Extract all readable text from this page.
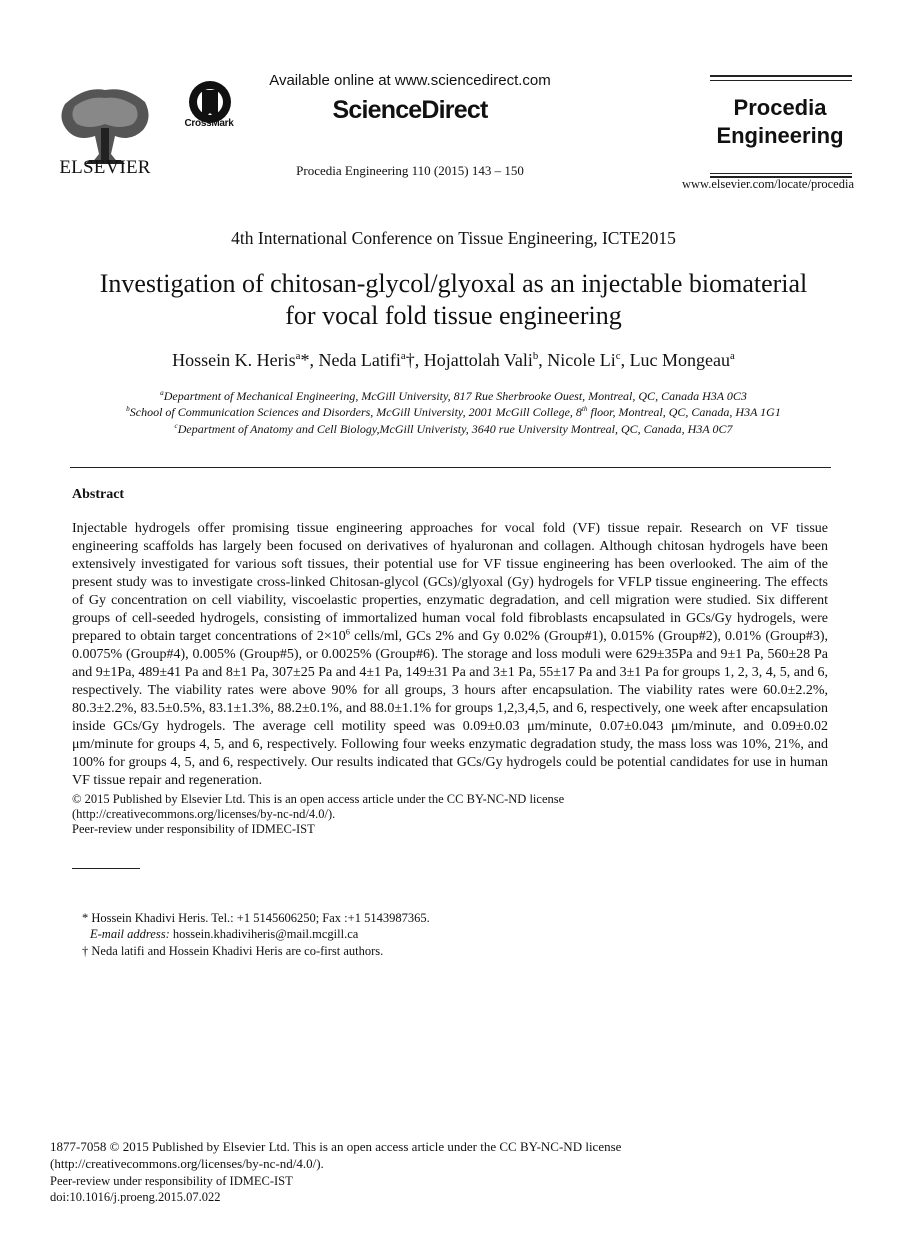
ELSEVIER
CrossMark
Available online at www.sciencedirect.com
ScienceDirect
Procedia Engineering 110 (2015) 143 – 150
Procedia
Engineering
www.elsevier.com/locate/procedia
4th International Conference on Tissue Engineering, ICTE2015
Investigation of chitosan-glycol/glyoxal as an injectable biomaterial
for vocal fold tissue engineering
Hossein K. Heris$^a$*, Neda Latifi$^a$†, Hojattolah Vali$^b$, Nicole Li$^c$, Luc Mongeau$^a$
$^a$Department of Mechanical Engineering, McGill University, 817 Rue Sherbrooke Ouest, Montreal, QC, Canada H3A 0C3
$^b$School of Communication Sciences and Disorders, McGill University, 2001 McGill College, 8th floor, Montreal, QC, Canada, H3A 1G1
$^c$Department of Anatomy and Cell Biology,McGill Univeristy, 3640 rue University Montreal, QC, Canada, H3A 0C7
Abstract
Injectable hydrogels offer promising tissue engineering approaches for vocal fold (VF) tissue repair. Research on VF tissue engineering scaffolds has largely been focused on derivatives of hyaluronan and collagen. Although chitosan hydrogels have been extensively investigated for various soft tissues, their potential use for VF tissue engineering has been overlooked. The aim of the present study was to investigate cross-linked Chitosan-glycol (GCs)/glyoxal (Gy) hydrogels for VFLP tissue engineering. The effects of Gy concentration on cell viability, viscoelastic properties, enzymatic degradation, and cell migration were studied. Six different groups of cell-seeded hydrogels, consisting of immortalized human vocal fold fibroblasts encapsulated in GCs/Gy hydrogels, were prepared to obtain target concentrations of $2\times 10^6$ cells/ml, GCs 2% and Gy 0.02% (Group#1), 0.015% (Group#2), 0.01% (Group#3), 0.0075% (Group#4), 0.005% (Group#5), or 0.0025% (Group#6). The storage and loss moduli were 629±35Pa and 9±1 Pa, 560±28 Pa and 9±1Pa, 489±41 Pa and 8±1 Pa, 307±25 Pa and 4±1 Pa, 149±31 Pa and 3±1 Pa, 55±17 Pa and 3±1 Pa for groups 1, 2, 3, 4, 5, and 6, respectively. The viability rates were above 90% for all groups, 3 hours after encapsulation. The viability rates were 60.0±2.2%, 80.3±2.2%, 83.5±0.5%, 83.1±1.3%, 88.2±0.1%, and 88.0±1.1% for groups 1,2,3,4,5, and 6, respectively, one week after encapsulation inside GCs/Gy hydrogels. The average cell motility speed was 0.09±0.03 μm/minute, 0.07±0.043 μm/minute, and 0.09±0.02 μm/minute for groups 4, 5, and 6, respectively. Following four weeks enzymatic degradation study, the mass loss was 10%, 21%, and 100% for groups 4, 5, and 6, respectively. Our results indicated that GCs/Gy hydrogels could be potential candidates for use in human VF tissue repair and regeneration.
© 2015 Published by Elsevier Ltd. This is an open access article under the CC BY-NC-ND license
(http://creativecommons.org/licenses/by-nc-nd/4.0/).
Peer-review under responsibility of IDMEC-IST
* Hossein Khadivi Heris. Tel.: +1 5145606250; Fax :+1 5143987365.
E-mail address: hossein.khadiviheris@mail.mcgill.ca
† Neda latifi and Hossein Khadivi Heris are co-first authors.
1877-7058 © 2015 Published by Elsevier Ltd. This is an open access article under the CC BY-NC-ND license
(http://creativecommons.org/licenses/by-nc-nd/4.0/).
Peer-review under responsibility of IDMEC-IST
doi:10.1016/j.proeng.2015.07.022
